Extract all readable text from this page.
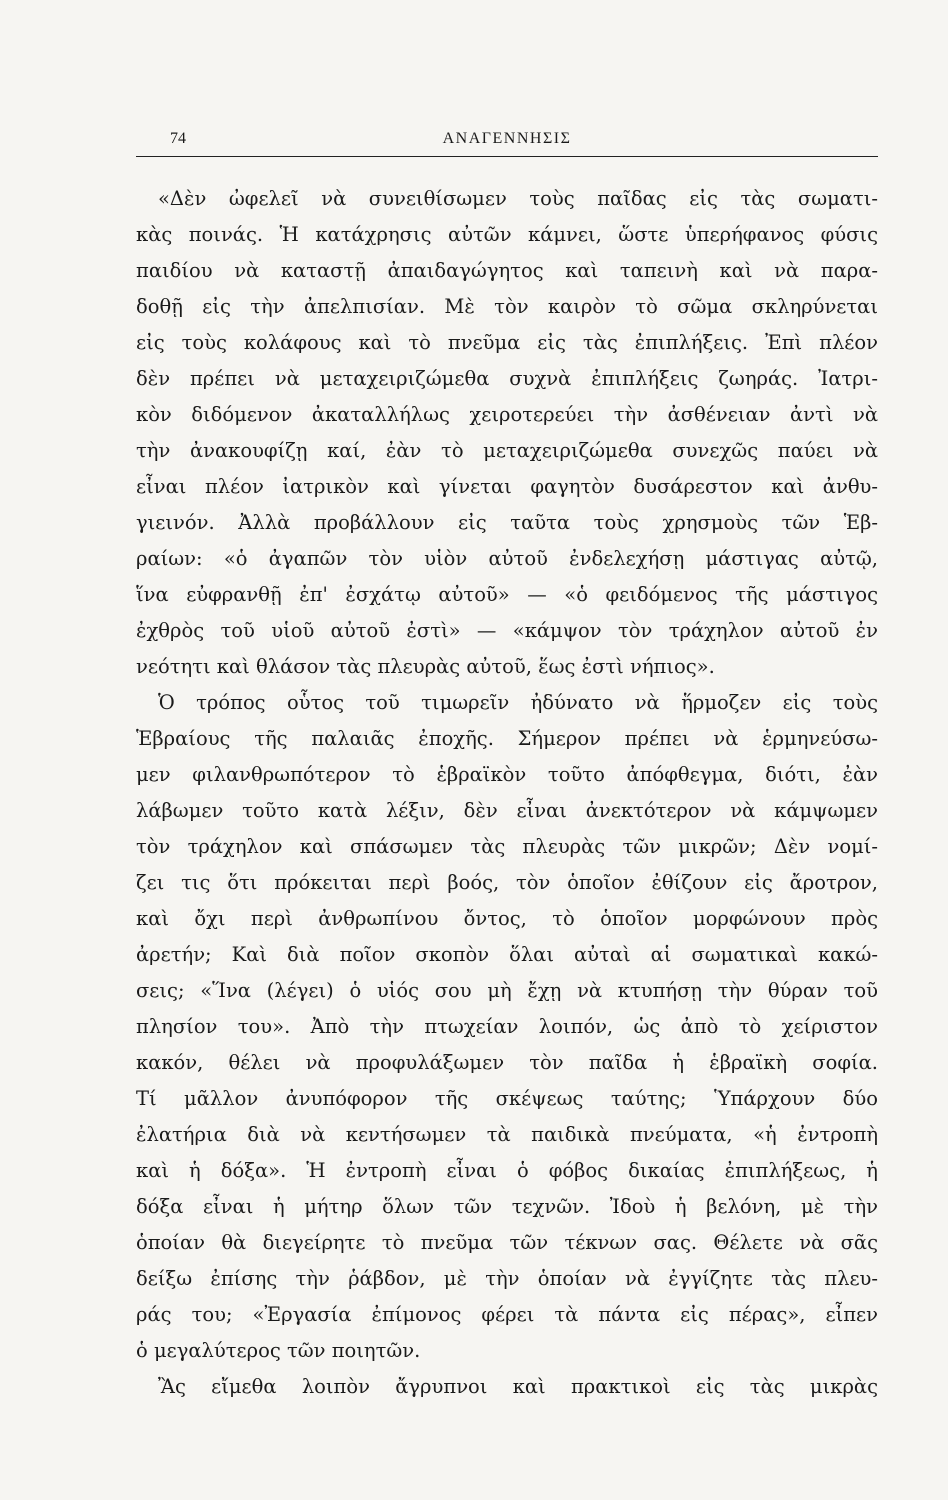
74	ΑΝΑΓΕΝΝΗΣΙΣ
«Δὲν ὠφελεῖ νὰ συνειθίσωμεν τοὺς παῖδας εἰς τὰς σωματι-
κὰς ποινάς. Ἡ κατάχρησις αὐτῶν κάμνει, ὥστε ὑπερήφανος φύσις
παιδίου νὰ καταστῇ ἀπαιδαγώγητος καὶ ταπεινὴ καὶ νὰ παρα-
δοθῇ εἰς τὴν ἀπελπισίαν. Μὲ τὸν καιρὸν τὸ σῶμα σκληρύνεται
εἰς τοὺς κολάφους καὶ τὸ πνεῦμα εἰς τὰς ἐπιπλήξεις. Ἐπὶ πλέον
δὲν πρέπει νὰ μεταχειριζώμεθα συχνὰ ἐπιπλήξεις ζωηράς. Ἰατρι-
κὸν διδόμενον ἀκαταλλήλως χειροτερεύει τὴν ἀσθένειαν ἀντὶ νὰ
τὴν ἀνακουφίζῃ καί, ἐὰν τὸ μεταχειριζώμεθα συνεχῶς παύει νὰ
εἶναι πλέον ἰατρικὸν καὶ γίνεται φαγητὸν δυσάρεστον καὶ ἀνθυ-
γιεινόν. Ἀλλὰ προβάλλουν εἰς ταῦτα τοὺς χρησμοὺς τῶν Ἑβ-
ραίων: «ὁ ἀγαπῶν τὸν υἱὸν αὐτοῦ ἐνδελεχήσῃ μάστιγας αὐτῷ,
ἵνα εὐφρανθῇ ἐπ' ἐσχάτῳ αὐτοῦ» — «ὁ φειδόμενος τῆς μάστιγος
ἐχθρὸς τοῦ υἱοῦ αὐτοῦ ἐστὶ» — «κάμψον τὸν τράχηλον αὐτοῦ ἐν
νεότητι καὶ θλάσον τὰς πλευρὰς αὐτοῦ, ἕως ἐστὶ νήπιος».
Ὁ τρόπος οὗτος τοῦ τιμωρεῖν ἠδύνατο νὰ ἥρμοζεν εἰς τοὺς
Ἑβραίους τῆς παλαιᾶς ἐποχῆς. Σήμερον πρέπει νὰ ἑρμηνεύσω-
μεν φιλανθρωπότερον τὸ ἑβραϊκὸν τοῦτο ἀπόφθεγμα, διότι, ἐὰν
λάβωμεν τοῦτο κατὰ λέξιν, δὲν εἶναι ἀνεκτότερον νὰ κάμψωμεν
τὸν τράχηλον καὶ σπάσωμεν τὰς πλευρὰς τῶν μικρῶν; Δὲν νομί-
ζει τις ὅτι πρόκειται περὶ βοός, τὸν ὁποῖον ἐθίζουν εἰς ἄροτρον,
καὶ ὄχι περὶ ἀνθρωπίνου ὄντος, τὸ ὁποῖον μορφώνουν πρὸς
ἀρετήν; Καὶ διὰ ποῖον σκοπὸν ὅλαι αὐταὶ αἱ σωματικαὶ κακώ-
σεις; «Ἵνα (λέγει) ὁ υἱός σου μὴ ἔχῃ νὰ κτυπήσῃ τὴν θύραν τοῦ
πλησίον του». Ἀπὸ τὴν πτωχείαν λοιπόν, ὡς ἀπὸ τὸ χείριστον
κακόν, θέλει νὰ προφυλάξωμεν τὸν παῖδα ἡ ἑβραϊκὴ σοφία.
Τί μᾶλλον ἀνυπόφορον τῆς σκέψεως ταύτης; Ὑπάρχουν δύο
ἐλατήρια διὰ νὰ κεντήσωμεν τὰ παιδικὰ πνεύματα, «ἡ ἐντροπὴ
καὶ ἡ δόξα». Ἡ ἐντροπὴ εἶναι ὁ φόβος δικαίας ἐπιπλήξεως, ἡ
δόξα εἶναι ἡ μήτηρ ὅλων τῶν τεχνῶν. Ἰδοὺ ἡ βελόνη, μὲ τὴν
ὁποίαν θὰ διεγείρητε τὸ πνεῦμα τῶν τέκνων σας. Θέλετε νὰ σᾶς
δείξω ἐπίσης τὴν ῥάβδον, μὲ τὴν ὁποίαν νὰ ἐγγίζητε τὰς πλευ-
ράς του; «Ἐργασία ἐπίμονος φέρει τὰ πάντα εἰς πέρας», εἶπεν
ὁ μεγαλύτερος τῶν ποιητῶν.
Ἂς εἴμεθα λοιπὸν ἄγρυπνοι καὶ πρακτικοὶ εἰς τὰς μικρὰς
